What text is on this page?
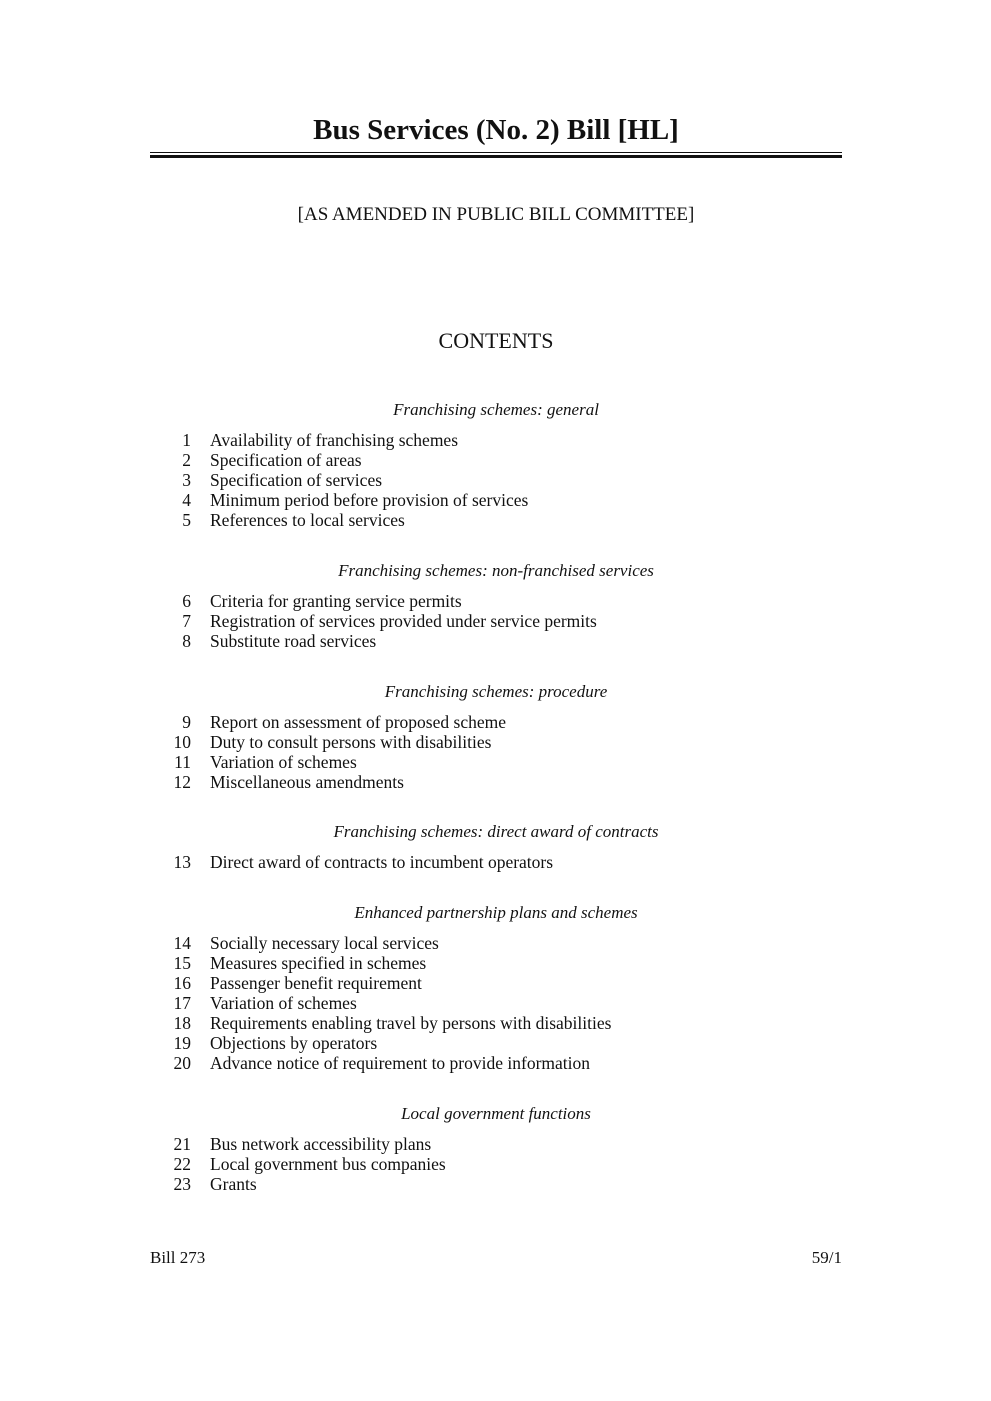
Bus Services (No. 2) Bill [HL]
[AS AMENDED IN PUBLIC BILL COMMITTEE]
CONTENTS
Franchising schemes: general
1	Availability of franchising schemes
2	Specification of areas
3	Specification of services
4	Minimum period before provision of services
5	References to local services
Franchising schemes: non-franchised services
6	Criteria for granting service permits
7	Registration of services provided under service permits
8	Substitute road services
Franchising schemes: procedure
9	Report on assessment of proposed scheme
10	Duty to consult persons with disabilities
11	Variation of schemes
12	Miscellaneous amendments
Franchising schemes: direct award of contracts
13	Direct award of contracts to incumbent operators
Enhanced partnership plans and schemes
14	Socially necessary local services
15	Measures specified in schemes
16	Passenger benefit requirement
17	Variation of schemes
18	Requirements enabling travel by persons with disabilities
19	Objections by operators
20	Advance notice of requirement to provide information
Local government functions
21	Bus network accessibility plans
22	Local government bus companies
23	Grants
Bill 273	59/1
